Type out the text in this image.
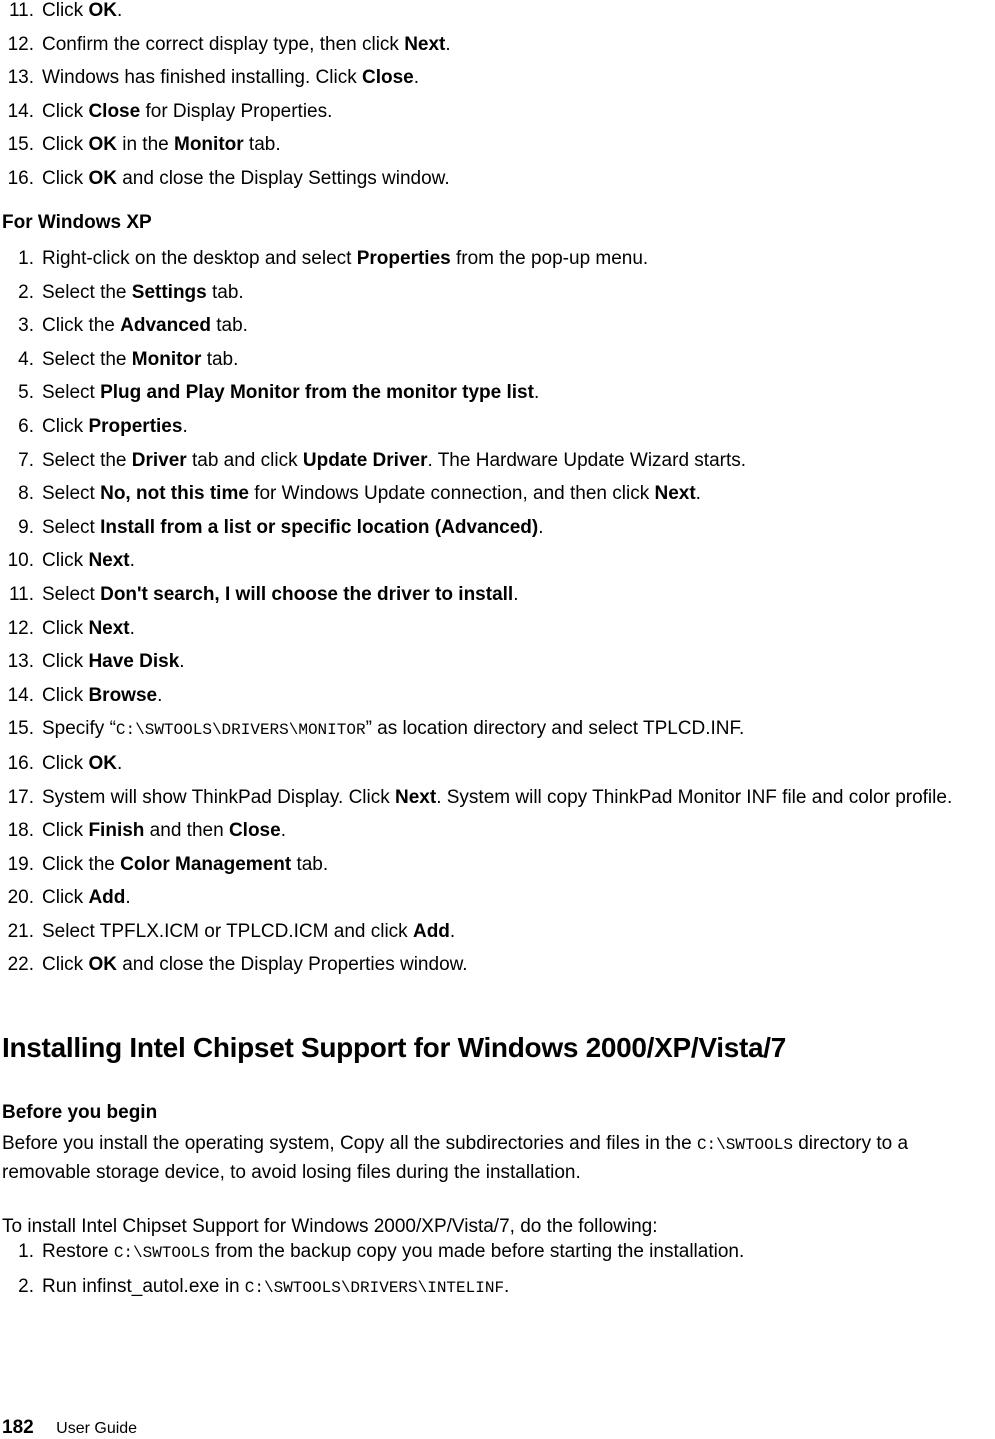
11. Click OK.
12. Confirm the correct display type, then click Next.
13. Windows has finished installing. Click Close.
14. Click Close for Display Properties.
15. Click OK in the Monitor tab.
16. Click OK and close the Display Settings window.
For Windows XP
1. Right-click on the desktop and select Properties from the pop-up menu.
2. Select the Settings tab.
3. Click the Advanced tab.
4. Select the Monitor tab.
5. Select Plug and Play Monitor from the monitor type list.
6. Click Properties.
7. Select the Driver tab and click Update Driver. The Hardware Update Wizard starts.
8. Select No, not this time for Windows Update connection, and then click Next.
9. Select Install from a list or specific location (Advanced).
10. Click Next.
11. Select Don't search, I will choose the driver to install.
12. Click Next.
13. Click Have Disk.
14. Click Browse.
15. Specify “C:\SWTOOLS\DRIVERS\MONITOR” as location directory and select TPLCD.INF.
16. Click OK.
17. System will show ThinkPad Display. Click Next. System will copy ThinkPad Monitor INF file and color profile.
18. Click Finish and then Close.
19. Click the Color Management tab.
20. Click Add.
21. Select TPFLX.ICM or TPLCD.ICM and click Add.
22. Click OK and close the Display Properties window.
Installing Intel Chipset Support for Windows 2000/XP/Vista/7
Before you begin
Before you install the operating system, Copy all the subdirectories and files in the C:\SWTOOLS directory to a removable storage device, to avoid losing files during the installation.
To install Intel Chipset Support for Windows 2000/XP/Vista/7, do the following:
1. Restore C:\SWTOOLS from the backup copy you made before starting the installation.
2. Run infinst_autol.exe in C:\SWTOOLS\DRIVERS\INTELINF.
182 User Guide
